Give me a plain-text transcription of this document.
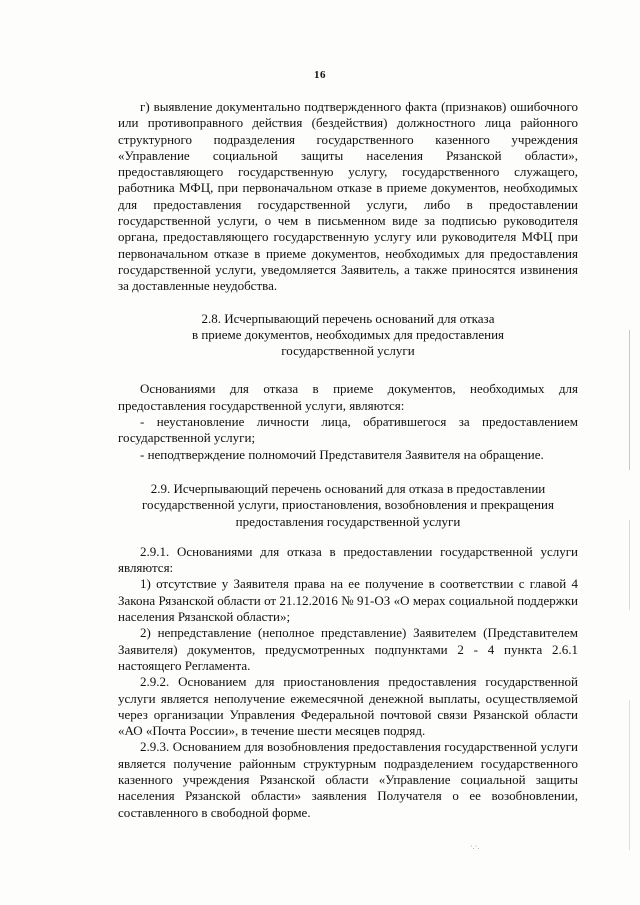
16

г) выявление документально подтвержденного факта (признаков) ошибочного или противоправного действия (бездействия) должностного лица районного структурного подразделения государственного казенного учреждения «Управление социальной защиты населения Рязанской области», предоставляющего государственную услугу, государственного служащего, работника МФЦ, при первоначальном отказе в приеме документов, необходимых для предоставления государственной услуги, либо в предоставлении государственной услуги, о чем в письменном виде за подписью руководителя органа, предоставляющего государственную услугу или руководителя МФЦ при первоначальном отказе в приеме документов, необходимых для предоставления государственной услуги, уведомляется Заявитель, а также приносятся извинения за доставленные неудобства.

2.8. Исчерпывающий перечень оснований для отказа

в приеме документов, необходимых для предоставления

государственной услуги

Основаниями для отказа в приеме документов, необходимых для предоставления государственной услуги, являются:

- неустановление личности лица, обратившегося за предоставлением государственной услуги;

- неподтверждение полномочий Представителя Заявителя на обращение.

2.9. Исчерпывающий перечень оснований для отказа в предоставлении

государственной услуги, приостановления, возобновления и прекращения

предоставления государственной услуги

2.9.1. Основаниями для отказа в предоставлении государственной услуги являются:

1) отсутствие у Заявителя права на ее получение в соответствии с главой 4 Закона Рязанской области от 21.12.2016 № 91-ОЗ «О мерах социальной поддержки населения Рязанской области»;

2) непредставление (неполное представление) Заявителем (Представителем Заявителя) документов, предусмотренных подпунктами 2 - 4 пункта 2.6.1 настоящего Регламента.

2.9.2. Основанием для приостановления предоставления государственной услуги является неполучение ежемесячной денежной выплаты, осуществляемой через организации Управления Федеральной почтовой связи Рязанской области «АО «Почта России», в течение шести месяцев подряд.

2.9.3. Основанием для возобновления предоставления государственной услуги является получение районным структурным подразделением государственного казенного учреждения Рязанской области «Управление социальной защиты населения Рязанской области» заявления Получателя о ее возобновлении, составленного в свободной форме.

·.·.
